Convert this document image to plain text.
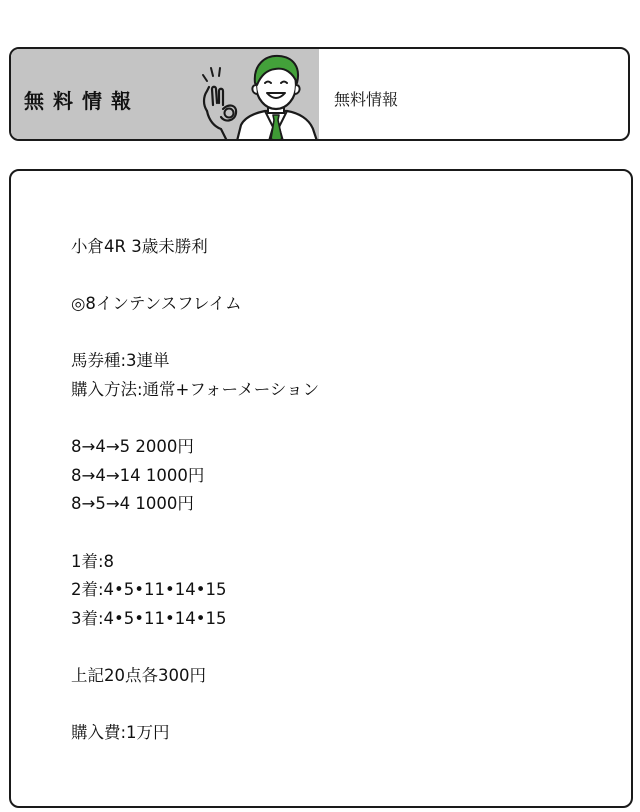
無料情報	無料情報
小倉4R 3歳未勝利
◎8インテンスフレイム
馬券種:3連単
購入方法:通常+フォーメーション
8→4→5 2000円
8→4→14 1000円
8→5→4 1000円
1着:8
2着:4•5•11•14•15
3着:4•5•11•14•15
上記20点各300円
購入費:1万円
